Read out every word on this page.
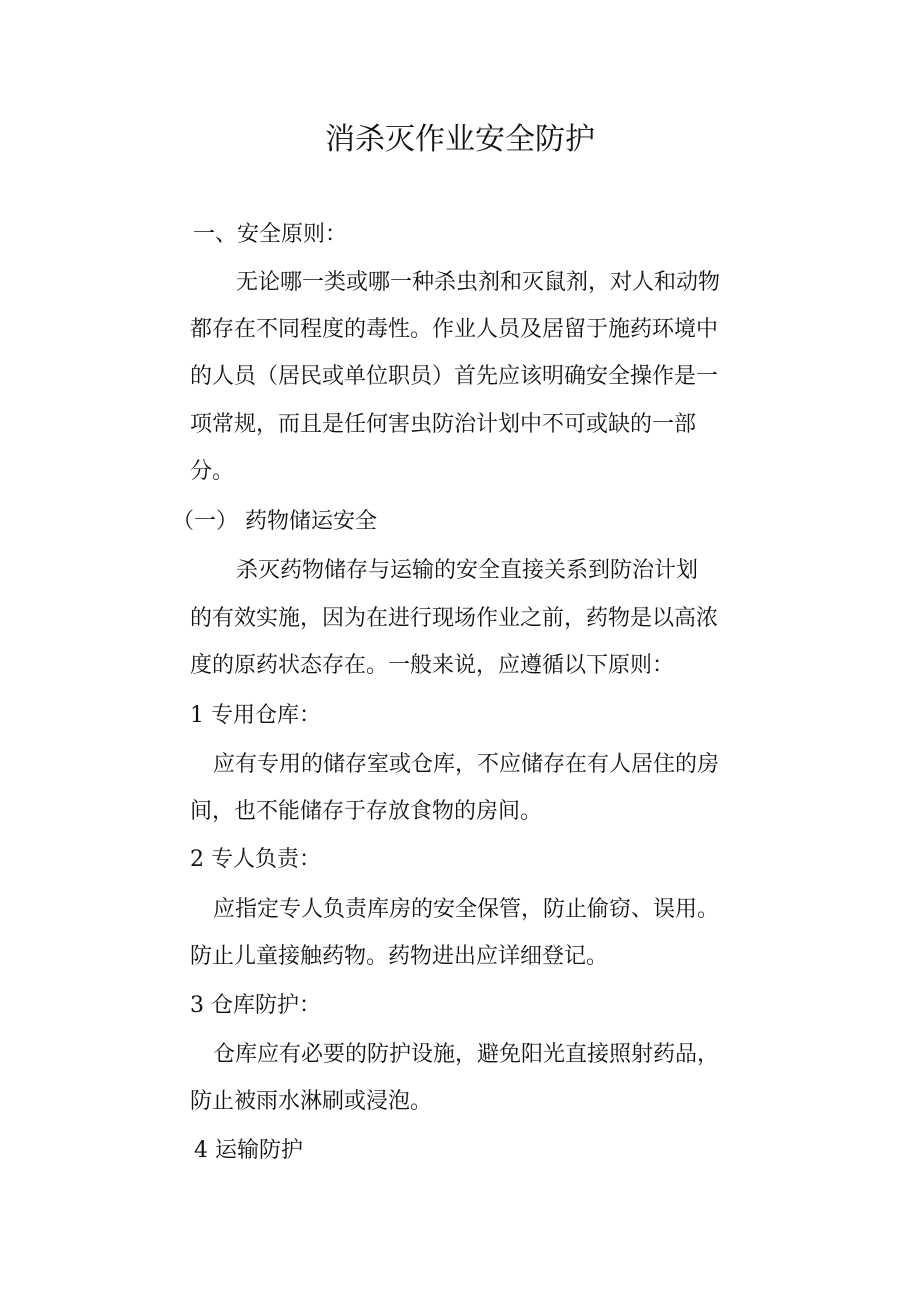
消杀灭作业安全防护
一、安全原则：
无论哪一类或哪一种杀虫剂和灭鼠剂，对人和动物
都存在不同程度的毒性。作业人员及居留于施药环境中
的人员（居民或单位职员）首先应该明确安全操作是一
项常规，而且是任何害虫防治计划中不可或缺的一部
分。
（一） 药物储运安全
杀灭药物储存与运输的安全直接关系到防治计划
的有效实施，因为在进行现场作业之前，药物是以高浓
度的原药状态存在。一般来说，应遵循以下原则：
1 专用仓库：
应有专用的储存室或仓库，不应储存在有人居住的房
间，也不能储存于存放食物的房间。
2 专人负责：
应指定专人负责库房的安全保管，防止偷窃、误用。
防止儿童接触药物。药物进出应详细登记。
3 仓库防护：
仓库应有必要的防护设施，避免阳光直接照射药品，
防止被雨水淋刷或浸泡。
4 运输防护
